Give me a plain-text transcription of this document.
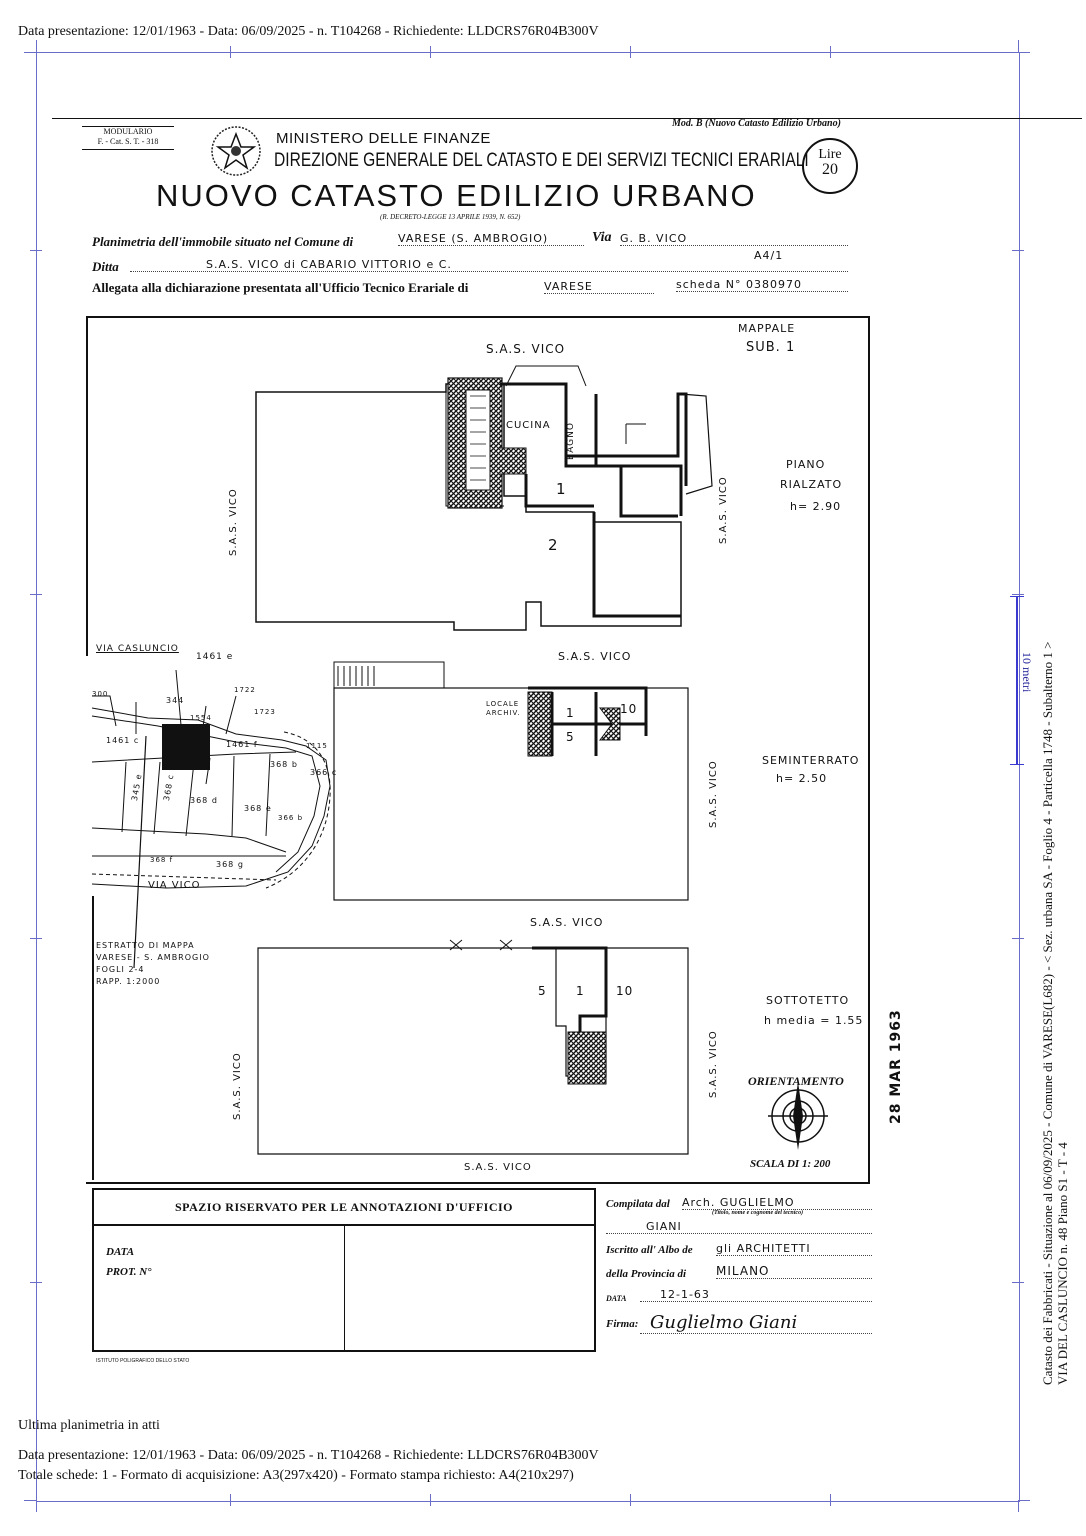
Data presentazione: 12/01/1963 - Data: 06/09/2025 - n. T104268 - Richiedente: LLDCRS76R04B300V
MODULARIO
F. - Cat. S. T. - 318
Mod. B (Nuovo Catasto Edilizio Urbano)
MINISTERO DELLE FINANZE
DIREZIONE GENERALE DEL CATASTO E DEI SERVIZI TECNICI ERARIALI Lire
20
NUOVO CATASTO EDILIZIO URBANO
(R. DECRETO-LEGGE 13 APRILE 1939, N. 652)
Planimetria dell'immobile situato nel Comune di	VARESE (S. AMBROGIO)	Via G. B. VICO
Ditta	S.A.S. VICO di CABARIO VITTORIO e C.
A4/1
Allegata alla dichiarazione presentata all'Ufficio Tecnico Erariale di	VARESE	scheda N° 0380970
MAPPALE
SUB. 1
S.A.S. VICO
CUCINA BAGNO
1
2
PIANO
RIALZATO
h= 2.90
S.A.S. VICO	S.A.S. VICO
S.A.S. VICO
LOCALE
ARCHIV.	1
5
10
SEMINTERRATO
h= 2.50
S.A.S. VICO
S.A.S. VICO
5 1	10
SOTTOTETTO
h media = 1.55
S.A.S. VICO	S.A.S. VICO
S.A.S. VICO
ORIENTAMENTO
SCALA DI 1: 200
VIA CASLUNCIO
1461 e
300
344
1722
1723
1554
1461 c	1461 f	1115
368 b
366 c
345 e 368 c 368 d
368 e
366 b
368 f	368 g
VIA VICO
ESTRATTO DI MAPPA
VARESE - S. AMBROGIO
FOGLI 2-4
RAPP. 1:2000
28 MAR 1963
SPAZIO RISERVATO PER LE ANNOTAZIONI D'UFFICIO
DATA
PROT. N°
ISTITUTO POLIGRAFICO DELLO STATO
Compilata dal Arch. GUGLIELMO
(Titolo, nome e cognome del tecnico)
GIANI
Iscritto all' Albo de gli ARCHITETTI
della Provincia di MILANO
DATA	12-1-63
Firma: Guglielmo Giani
10 metri Catasto dei Fabbricati - Situazione al 06/09/2025 - Comune di VARESE(L682) - < Sez. urbana SA - Foglio 4 - Particella 1748 - Subalterno 1 > VIA DEL CASLUNCIO n. 48 Piano S1 - T - 4
Ultima planimetria in atti
Data presentazione: 12/01/1963 - Data: 06/09/2025 - n. T104268 - Richiedente: LLDCRS76R04B300V
Totale schede: 1 - Formato di acquisizione: A3(297x420) - Formato stampa richiesto: A4(210x297)
